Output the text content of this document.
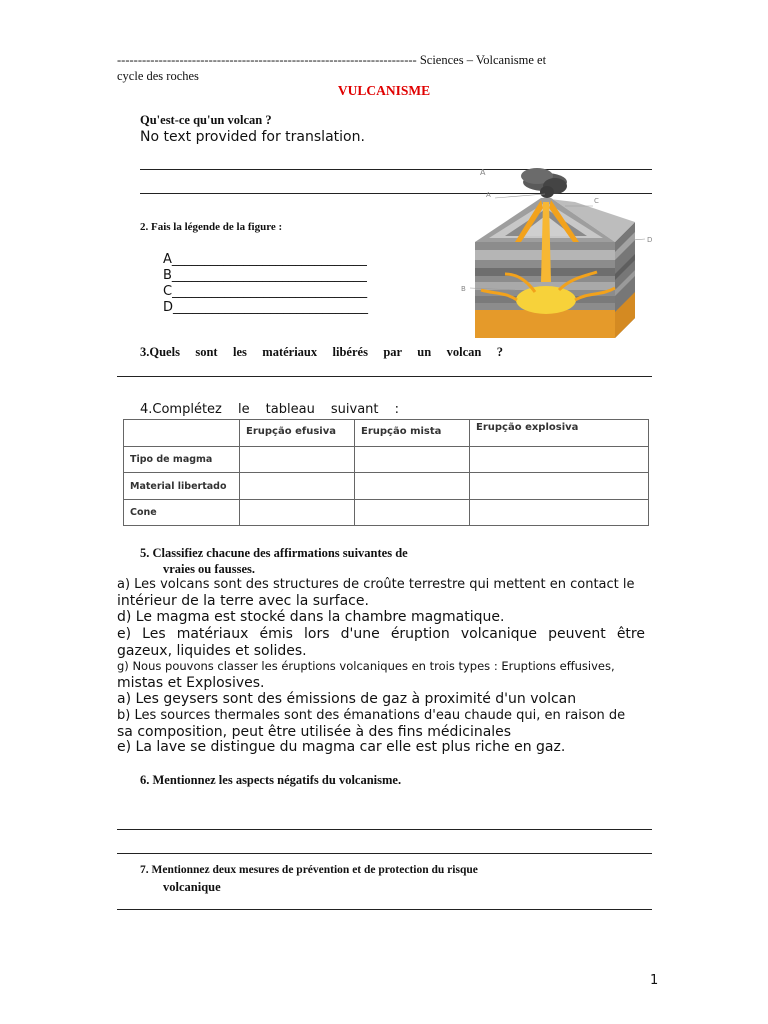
------------------------------------------------------------------------ Sciences – Volcanisme et
cycle des roches
VULCANISME
Qu'est-ce qu'un volcan ?
No text provided for translation.
2. Fais la légende de la figure :
A______________________________
B______________________________
C______________________________
D______________________________
A
A
C
D
B
3.Quels sont les matériaux libérés par un volcan ?
4.Complétez le tableau suivant :
	Erupção efusiva	Erupção mista	Erupção explosiva
Tipo de magma			
Material libertado			
Cone			
5. Classifiez chacune des affirmations suivantes de
vraies ou fausses.
a) Les volcans sont des structures de croûte terrestre qui mettent en contact le
intérieur de la terre avec la surface.
d) Le magma est stocké dans la chambre magmatique.
e) Les matériaux émis lors d'une éruption volcanique peuvent être
gazeux, liquides et solides.
g) Nous pouvons classer les éruptions volcaniques en trois types : Eruptions effusives,
mistas et Explosives.
a) Les geysers sont des émissions de gaz à proximité d'un volcan
b) Les sources thermales sont des émanations d'eau chaude qui, en raison de
sa composition, peut être utilisée à des fins médicinales
e) La lave se distingue du magma car elle est plus riche en gaz.
6. Mentionnez les aspects négatifs du volcanisme.
7. Mentionnez deux mesures de prévention et de protection du risque
volcanique
1
